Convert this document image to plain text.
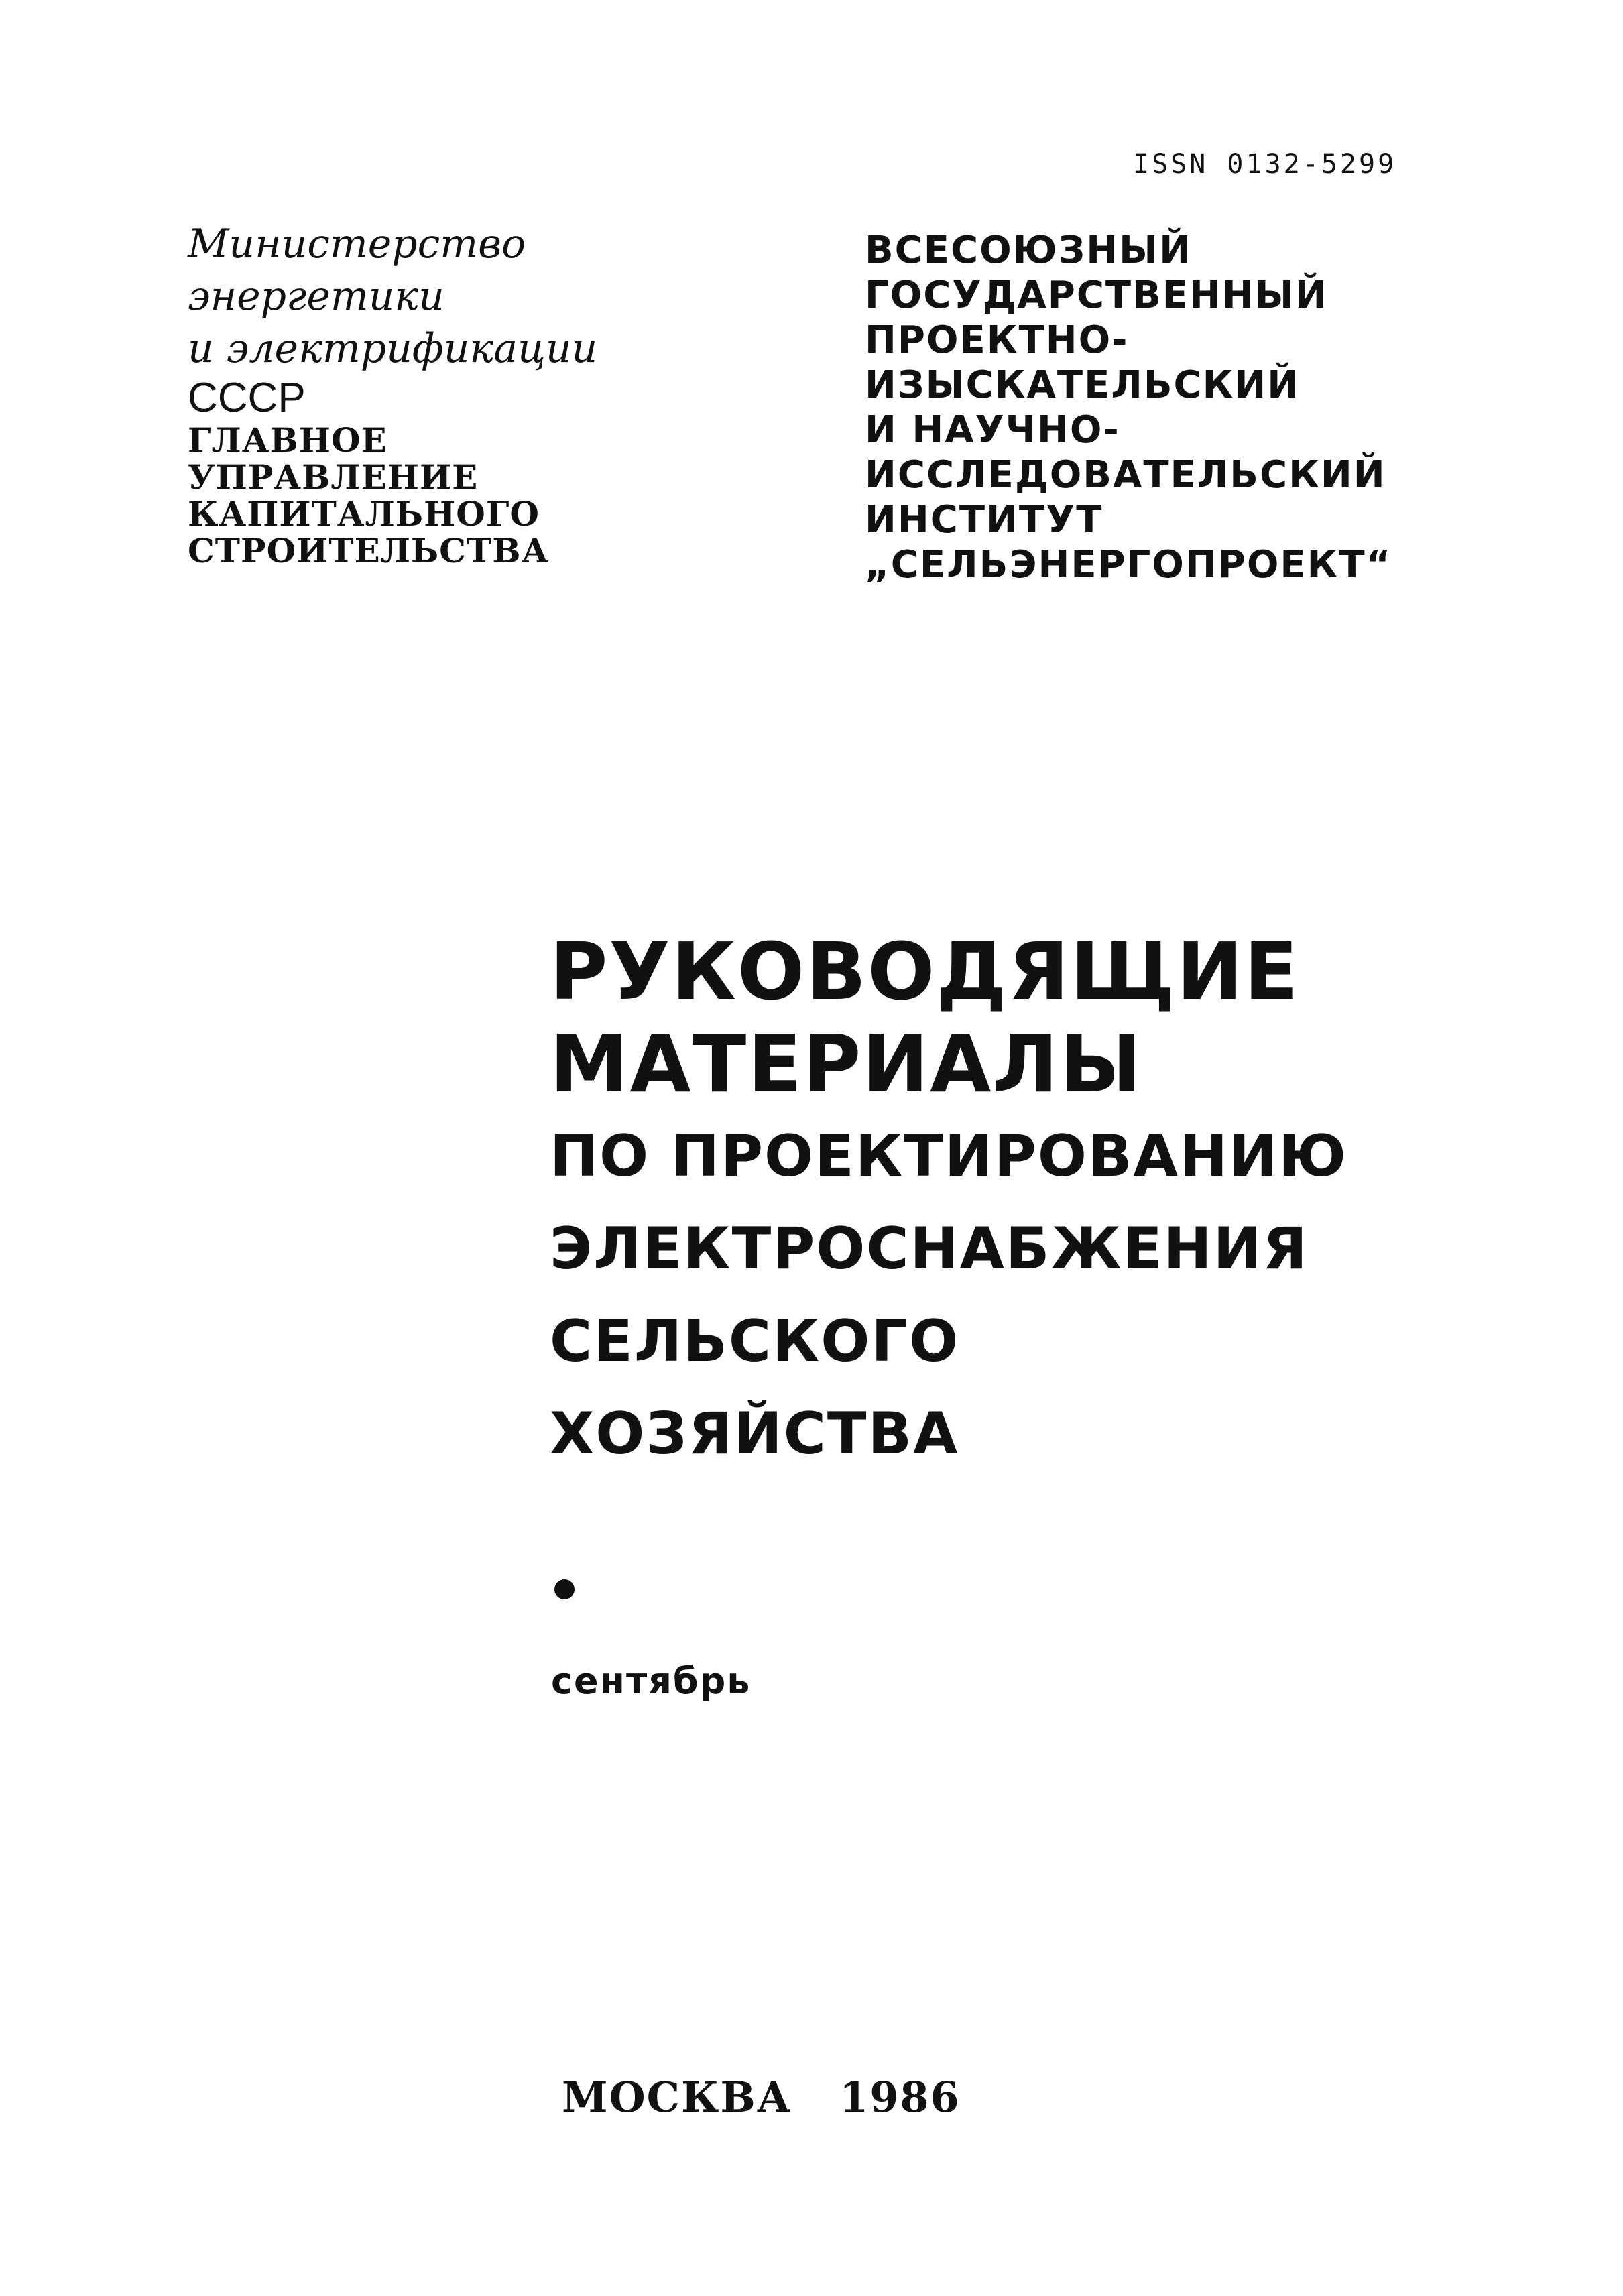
ISSN 0132-5299
Министерство
энергетики
и электрификации
СССР
ГЛАВНОЕ
УПРАВЛЕНИЕ
КАПИТАЛЬНОГО
СТРОИТЕЛЬСТВА
ВСЕСОЮЗНЫЙ
ГОСУДАРСТВЕННЫЙ
ПРОЕКТНО-
ИЗЫСКАТЕЛЬСКИЙ
И НАУЧНО-
ИССЛЕДОВАТЕЛЬСКИЙ
ИНСТИТУТ
„СЕЛЬЭНЕРГОПРОЕКТ“
РУКОВОДЯЩИЕ
МАТЕРИАЛЫ
ПО ПРОЕКТИРОВАНИЮ
ЭЛЕКТРОСНАБЖЕНИЯ
СЕЛЬСКОГО
ХОЗЯЙСТВА
сентябрь
МОСКВА 1986
